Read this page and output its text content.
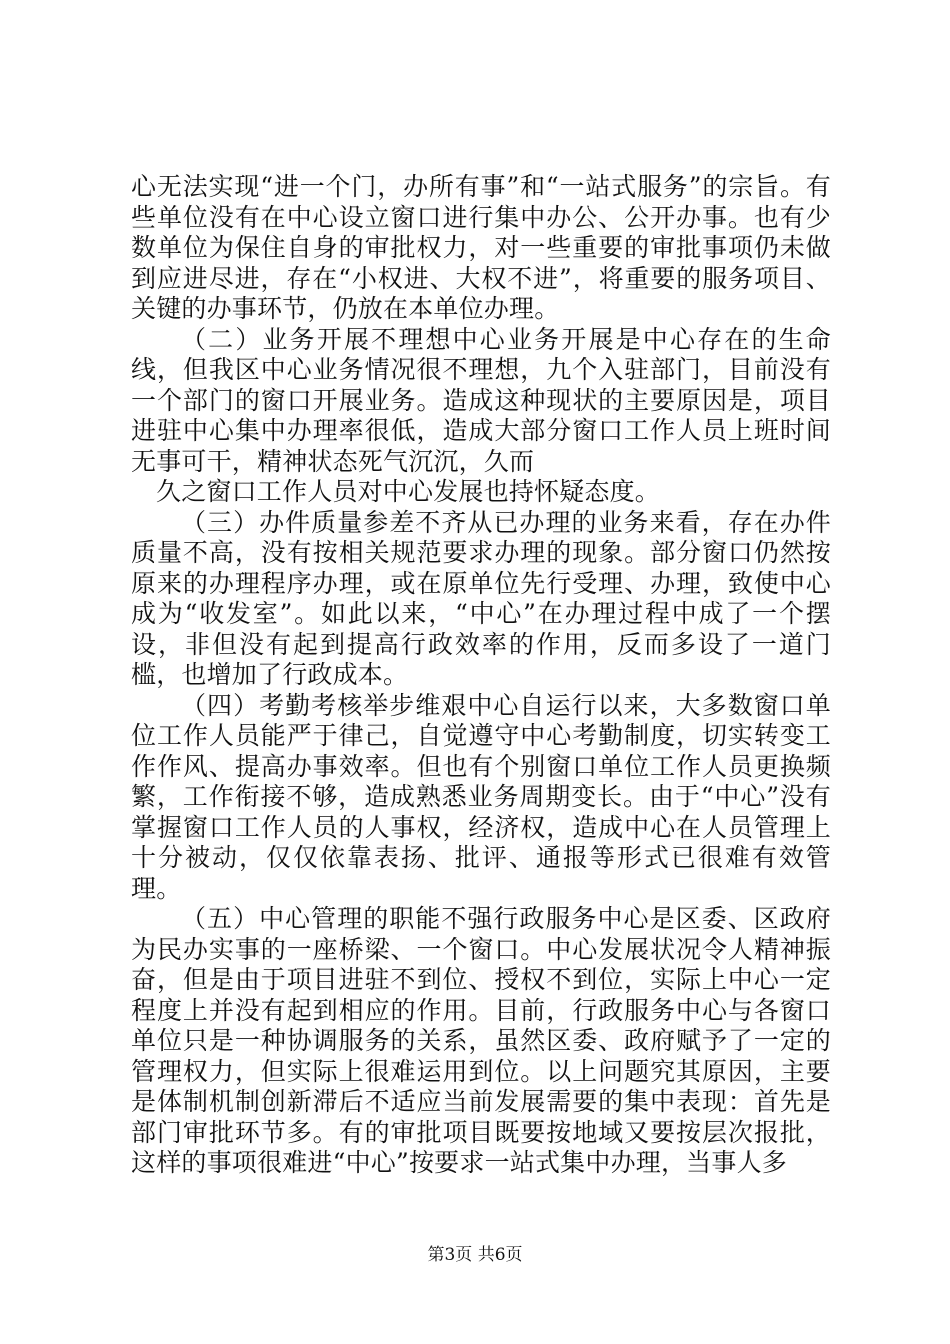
心无法实现“进一个门，办所有事”和“一站式服务”的宗旨。有些单位没有在中心设立窗口进行集中办公、公开办事。也有少数单位为保住自身的审批权力，对一些重要的审批事项仍未做到应进尽进，存在“小权进、大权不进”，将重要的服务项目、关键的办事环节，仍放在本单位办理。

（二）业务开展不理想中心业务开展是中心存在的生命线，但我区中心业务情况很不理想，九个入驻部门，目前没有一个部门的窗口开展业务。造成这种现状的主要原因是，项目进驻中心集中办理率很低，造成大部分窗口工作人员上班时间无事可干，精神状态死气沉沉，久而

久之窗口工作人员对中心发展也持怀疑态度。

（三）办件质量参差不齐从已办理的业务来看，存在办件质量不高，没有按相关规范要求办理的现象。部分窗口仍然按原来的办理程序办理，或在原单位先行受理、办理，致使中心成为“收发室”。如此以来，“中心”在办理过程中成了一个摆设，非但没有起到提高行政效率的作用，反而多设了一道门槛，也增加了行政成本。

（四）考勤考核举步维艰中心自运行以来，大多数窗口单位工作人员能严于律己，自觉遵守中心考勤制度，切实转变工作作风、提高办事效率。但也有个别窗口单位工作人员更换频繁，工作衔接不够，造成熟悉业务周期变长。由于“中心”没有掌握窗口工作人员的人事权，经济权，造成中心在人员管理上十分被动，仅仅依靠表扬、批评、通报等形式已很难有效管理。

（五）中心管理的职能不强行政服务中心是区委、区政府为民办实事的一座桥梁、一个窗口。中心发展状况令人精神振奋，但是由于项目进驻不到位、授权不到位，实际上中心一定程度上并没有起到相应的作用。目前，行政服务中心与各窗口单位只是一种协调服务的关系，虽然区委、政府赋予了一定的管理权力，但实际上很难运用到位。以上问题究其原因，主要是体制机制创新滞后不适应当前发展需要的集中表现：首先是部门审批环节多。有的审批项目既要按地域又要按层次报批，这样的事项很难进“中心”按要求一站式集中办理，当事人多

第3页 共6页
